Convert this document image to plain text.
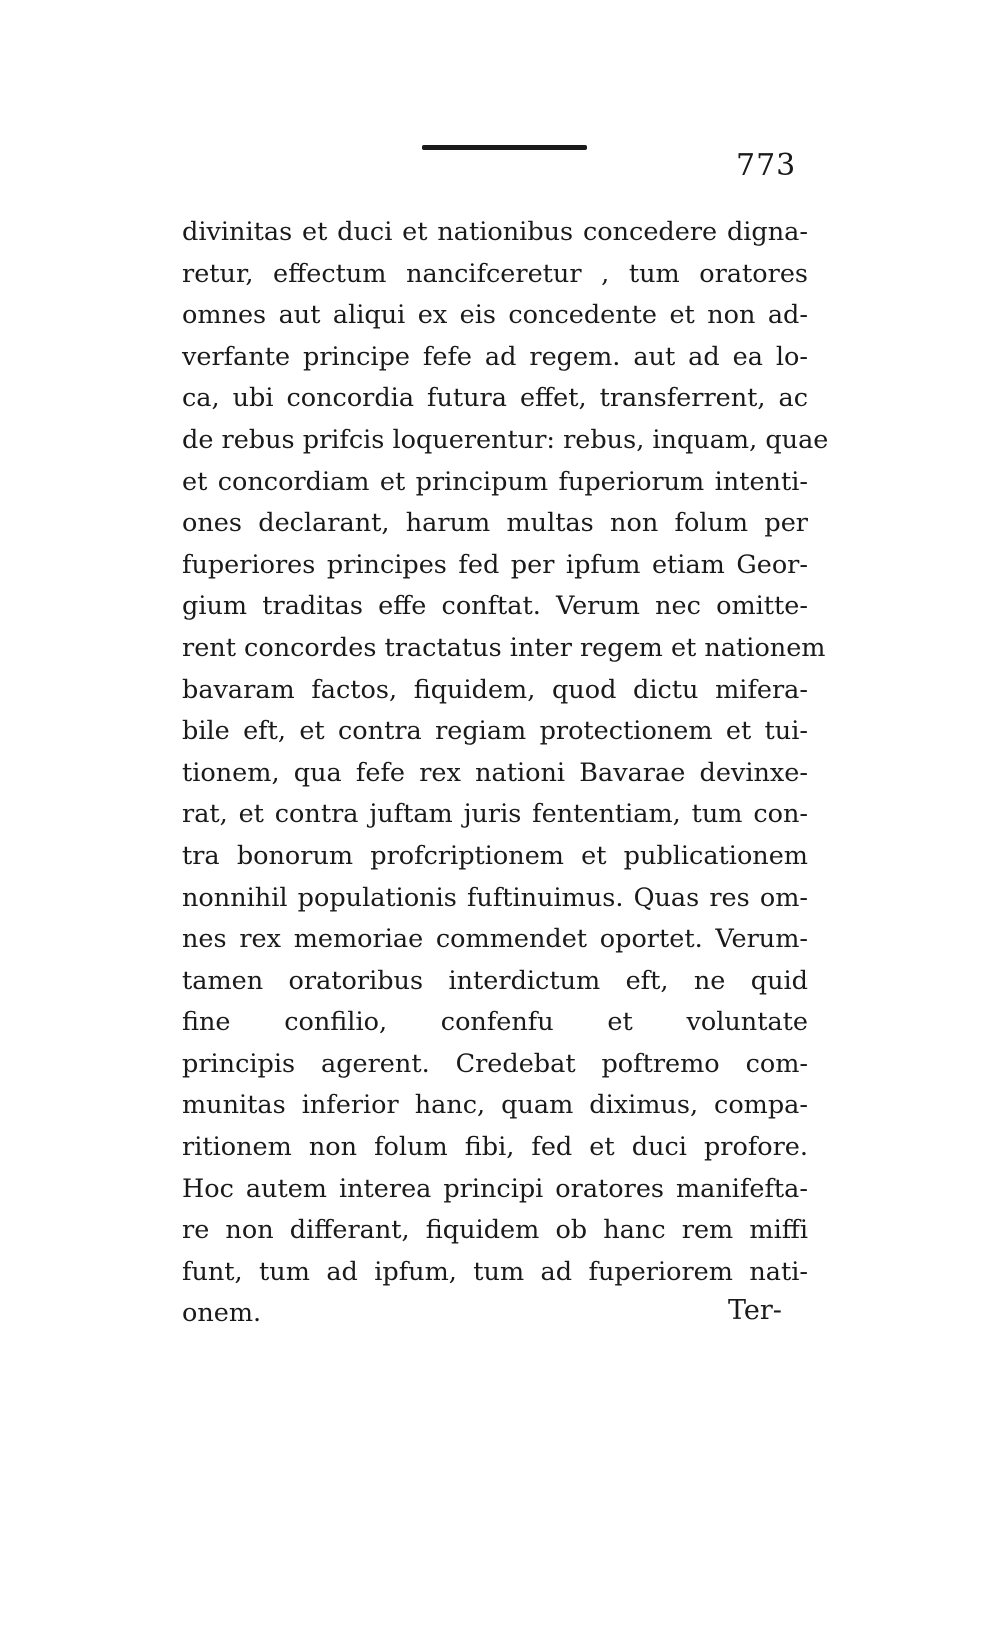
773
divinitas et duci et nationibus concedere digna-
retur, effectum nancifceretur , tum oratores
omnes aut aliqui ex eis concedente et non ad-
verfante principe fefe ad regem. aut ad ea lo-
ca, ubi concordia futura effet, transferrent, ac
de rebus prifcis loquerentur: rebus, inquam, quae
et concordiam et principum fuperiorum intenti-
ones declarant, harum multas non folum per
fuperiores principes fed per ipfum etiam Geor-
gium traditas effe conftat. Verum nec omitte-
rent concordes tractatus inter regem et nationem
bavaram factos, fiquidem, quod dictu mifera-
bile eft, et contra regiam protectionem et tui-
tionem, qua fefe rex nationi Bavarae devinxe-
rat, et contra juftam juris fententiam, tum con-
tra bonorum profcriptionem et publicationem
nonnihil populationis fuftinuimus. Quas res om-
nes rex memoriae commendet oportet. Verum-
tamen oratoribus interdictum eft, ne quid
fine confilio, confenfu et voluntate
principis agerent. Credebat poftremo com-
munitas inferior hanc, quam diximus, compa-
ritionem non folum fibi, fed et duci profore.
Hoc autem interea principi oratores manifefta-
re non differant, fiquidem ob hanc rem miffi
funt, tum ad ipfum, tum ad fuperiorem nati-
onem.	Ter-
